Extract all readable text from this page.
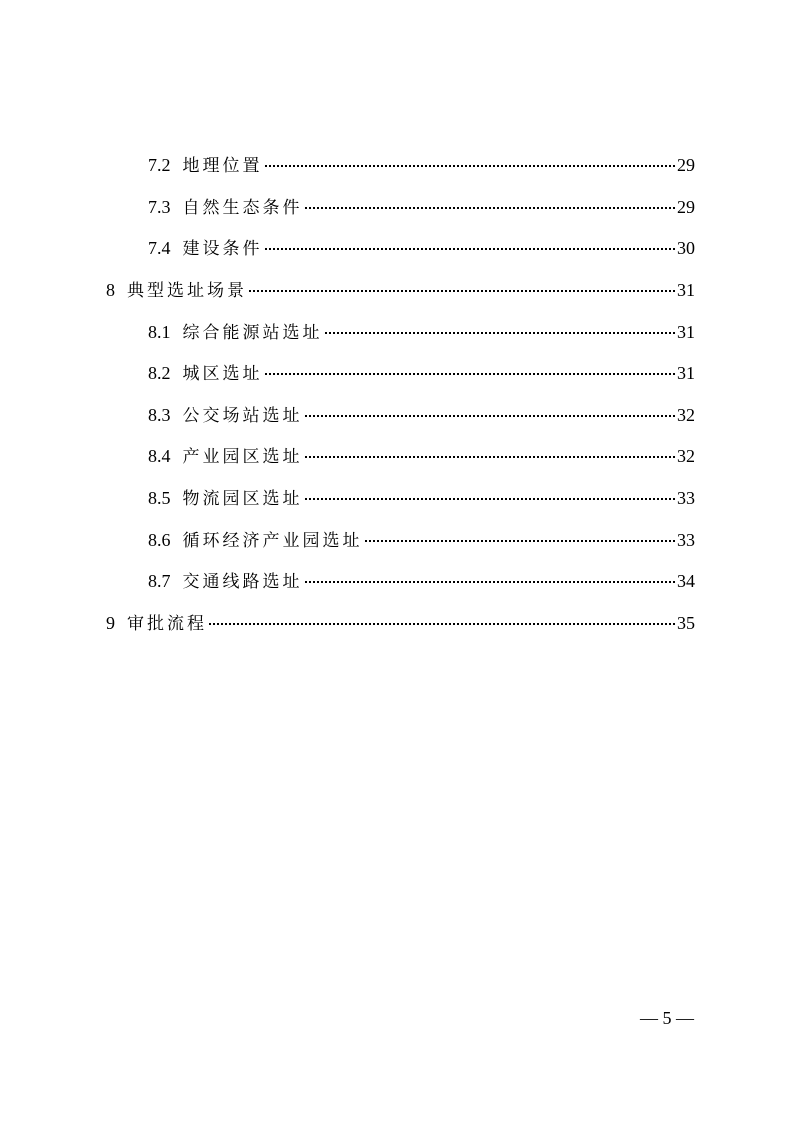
7.2 地理位置	29
7.3 自然生态条件	29
7.4 建设条件	30
8 典型选址场景	31
8.1 综合能源站选址	31
8.2 城区选址	31
8.3 公交场站选址	32
8.4 产业园区选址	32
8.5 物流园区选址	33
8.6 循环经济产业园选址	33
8.7 交通线路选址	34
9 审批流程	35
— 5 —
